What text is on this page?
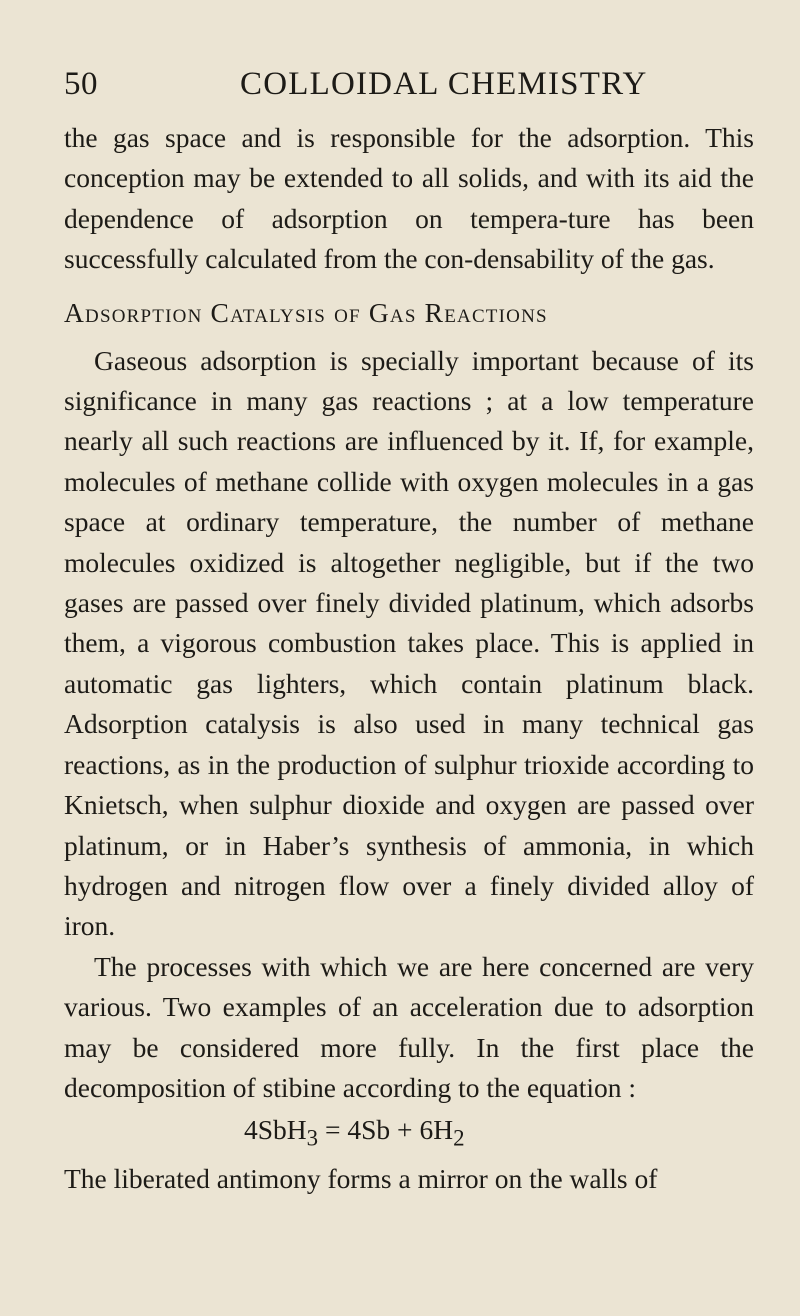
50	COLLOIDAL CHEMISTRY

the gas space and is responsible for the adsorption. This conception may be extended to all solids, and with its aid the dependence of adsorption on tempera-ture has been successfully calculated from the con-densability of the gas.

Adsorption Catalysis of Gas Reactions

Gaseous adsorption is specially important because of its significance in many gas reactions ; at a low temperature nearly all such reactions are influenced by it. If, for example, molecules of methane collide with oxygen molecules in a gas space at ordinary temperature, the number of methane molecules oxidized is altogether negligible, but if the two gases are passed over finely divided platinum, which adsorbs them, a vigorous combustion takes place. This is applied in automatic gas lighters, which contain platinum black. Adsorption catalysis is also used in many technical gas reactions, as in the production of sulphur trioxide according to Knietsch, when sulphur dioxide and oxygen are passed over platinum, or in Haber’s synthesis of ammonia, in which hydrogen and nitrogen flow over a finely divided alloy of iron.

The processes with which we are here concerned are very various. Two examples of an acceleration due to adsorption may be considered more fully. In the first place the decomposition of stibine according to the equation :

$4SbH_3 = 4Sb + 6H_2$

The liberated antimony forms a mirror on the walls of
